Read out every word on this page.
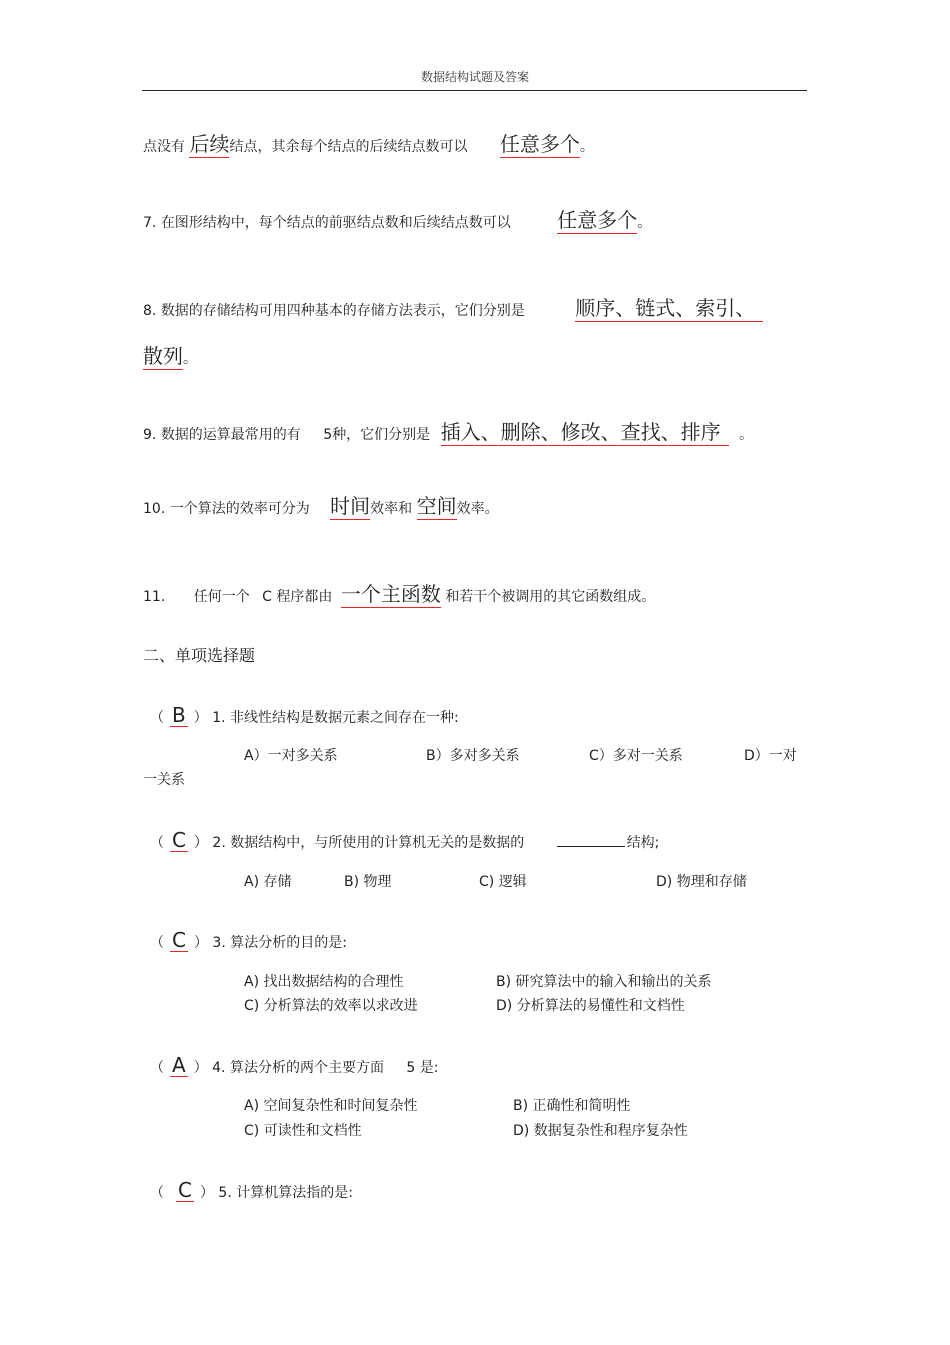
数据结构试题及答案
点没有 后续结点，其余每个结点的后续结点数可以 任意多个。
7. 在图形结构中，每个结点的前驱结点数和后续结点数可以 任意多个。
8. 数据的存储结构可用四种基本的存储方法表示，它们分别是	顺序、链式、索引、
散列。
9. 数据的运算最常用的有 5种，它们分别是 插入、删除、修改、查找、排序 。
10. 一个算法的效率可分为 时间效率和 空间效率。
11. 任何一个 C 程序都由 一个主函数 和若干个被调用的其它函数组成。
二、单项选择题
（ B ） 1. 非线性结构是数据元素之间存在一种:
A）一对多关系	B）多对多关系	C）多对一关系	D）一对
一关系
（ C ） 2. 数据结构中，与所使用的计算机无关的是数据的	结构;
A) 存储	B) 物理	C) 逻辑	D) 物理和存储
（ C ） 3. 算法分析的目的是:
A) 找出数据结构的合理性	B) 研究算法中的输入和输出的关系
C) 分析算法的效率以求改进	D) 分析算法的易懂性和文档性
（ A ） 4. 算法分析的两个主要方面 5 是:
A) 空间复杂性和时间复杂性	B) 正确性和简明性
C) 可读性和文档性	D) 数据复杂性和程序复杂性
（ C ） 5. 计算机算法指的是:
